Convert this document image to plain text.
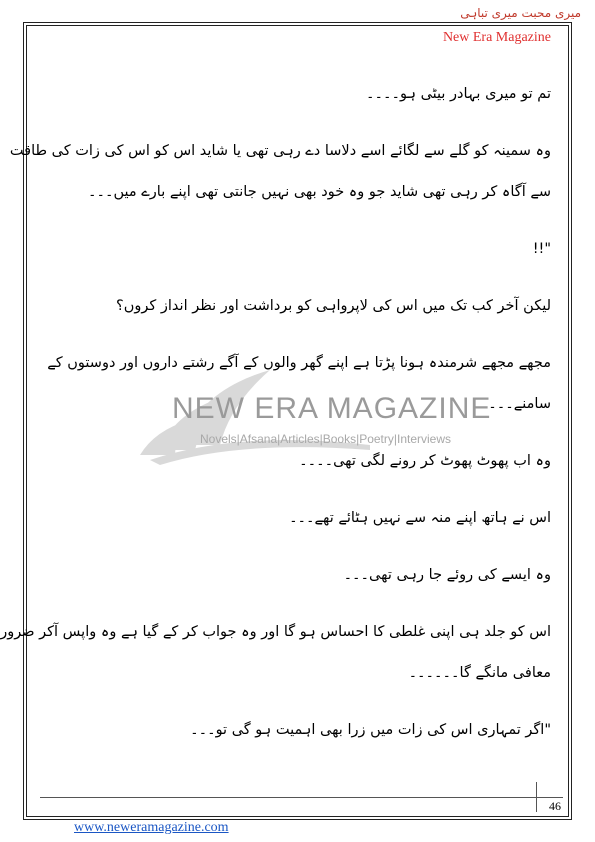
میری محبت میری تباہی
New Era Magazine
NEW ERA MAGAZINE
Novels|Afsana|Articles|Books|Poetry|Interviews
تم تو میری بہادر بیٹی ہو۔۔۔۔
وہ سمینہ کو گلے سے لگائے اسے دلاسا دے رہی تھی یا شاید اس کو اس کی زات کی طاقت
سے آگاہ کر رہی تھی شاید جو وہ خود بھی نہیں جانتی تھی اپنے بارے میں۔۔۔
"!!
لیکن آخر کب تک میں اس کی لاپرواہی کو برداشت اور نظر انداز کروں؟
مجھے مجھے شرمندہ ہونا پڑتا ہے اپنے گھر والوں کے آگے رشتے داروں اور دوستوں کے
سامنے۔۔۔
وہ اب پھوٹ پھوٹ کر رونے لگی تھی۔۔۔۔
اس نے ہاتھ اپنے منہ سے نہیں ہٹائے تھے۔۔۔
وہ ایسے کی روئے جا رہی تھی۔۔۔
اس کو جلد ہی اپنی غلطی کا احساس ہو گا اور وہ جواب کر کے گیا ہے وہ واپس آکر ضرور
معافی مانگے گا۔۔۔۔۔۔
"اگر تمہاری اس کی زات میں زرا بھی اہمیت ہو گی تو۔۔۔
46
www.neweramagazine.com
